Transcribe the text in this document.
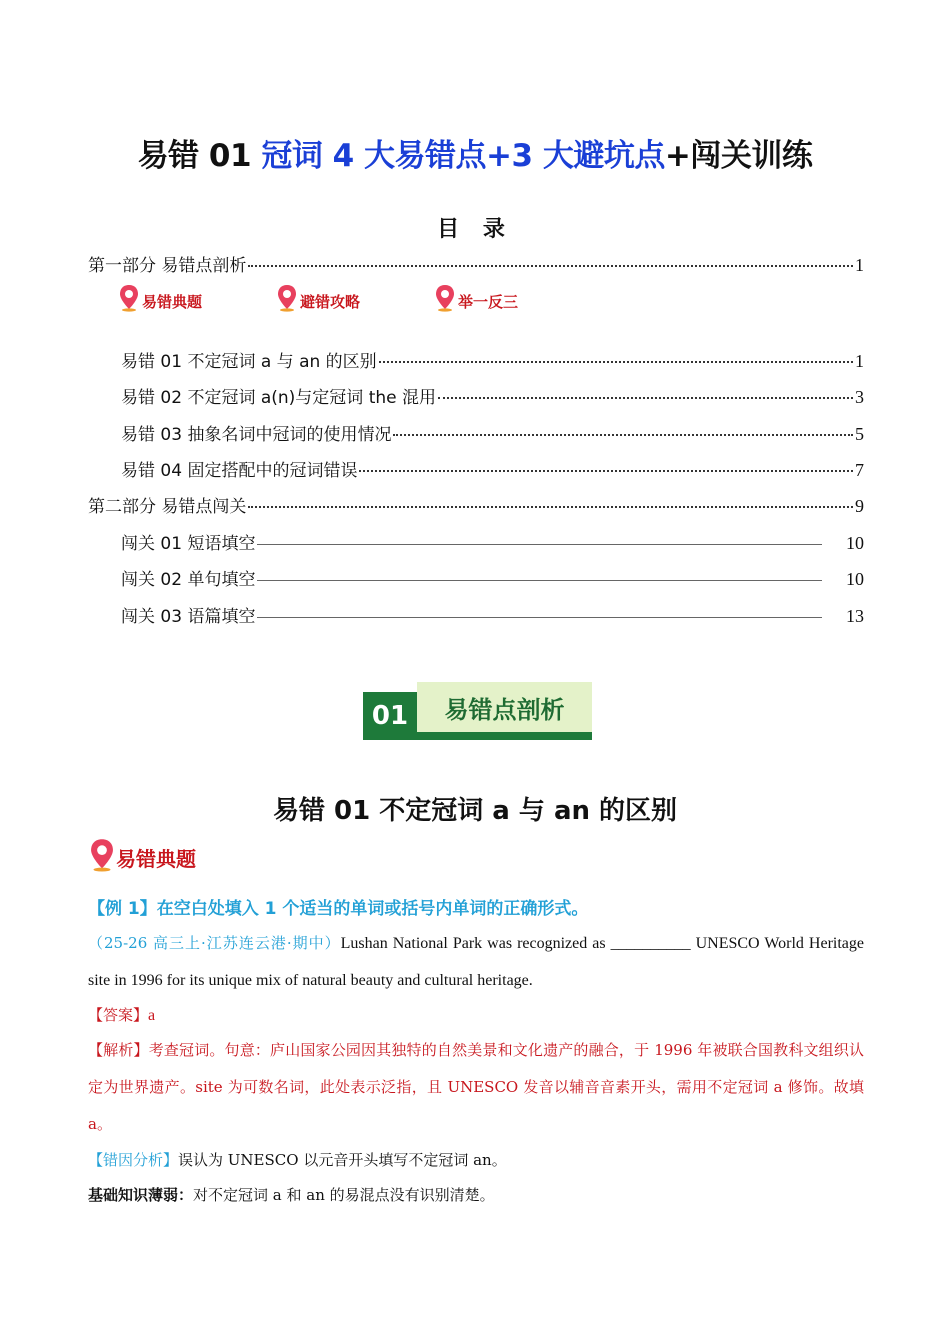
易错 01 冠词 4 大易错点+3 大避坑点+闯关训练
目 录
第一部分 易错点剖析	1
易错典题	避错攻略	举一反三
易错 01 不定冠词 a 与 an 的区别	1
易错 02 不定冠词 a(n)与定冠词 the 混用	3
易错 03 抽象名词中冠词的使用情况	5
易错 04 固定搭配中的冠词错误	7
第二部分 易错点闯关	9
闯关 01 短语填空	10
闯关 02 单句填空	10
闯关 03 语篇填空	13
01	易错点剖析
易错 01 不定冠词 a 与 an 的区别
易错典题
【例 1】在空白处填入 1 个适当的单词或括号内单词的正确形式。
（25-26 高三上·江苏连云港·期中）Lushan National Park was recognized as __________ UNESCO World Heritage site in 1996 for its unique mix of natural beauty and cultural heritage.
【答案】a
【解析】考查冠词。句意：庐山国家公园因其独特的自然美景和文化遗产的融合，于 1996 年被联合国教科文组织认定为世界遗产。site 为可数名词，此处表示泛指，且 UNESCO 发音以辅音音素开头，需用不定冠词 a 修饰。故填 a。
【错因分析】误认为 UNESCO 以元音开头填写不定冠词 an。
基础知识薄弱：对不定冠词 a 和 an 的易混点没有识别清楚。
